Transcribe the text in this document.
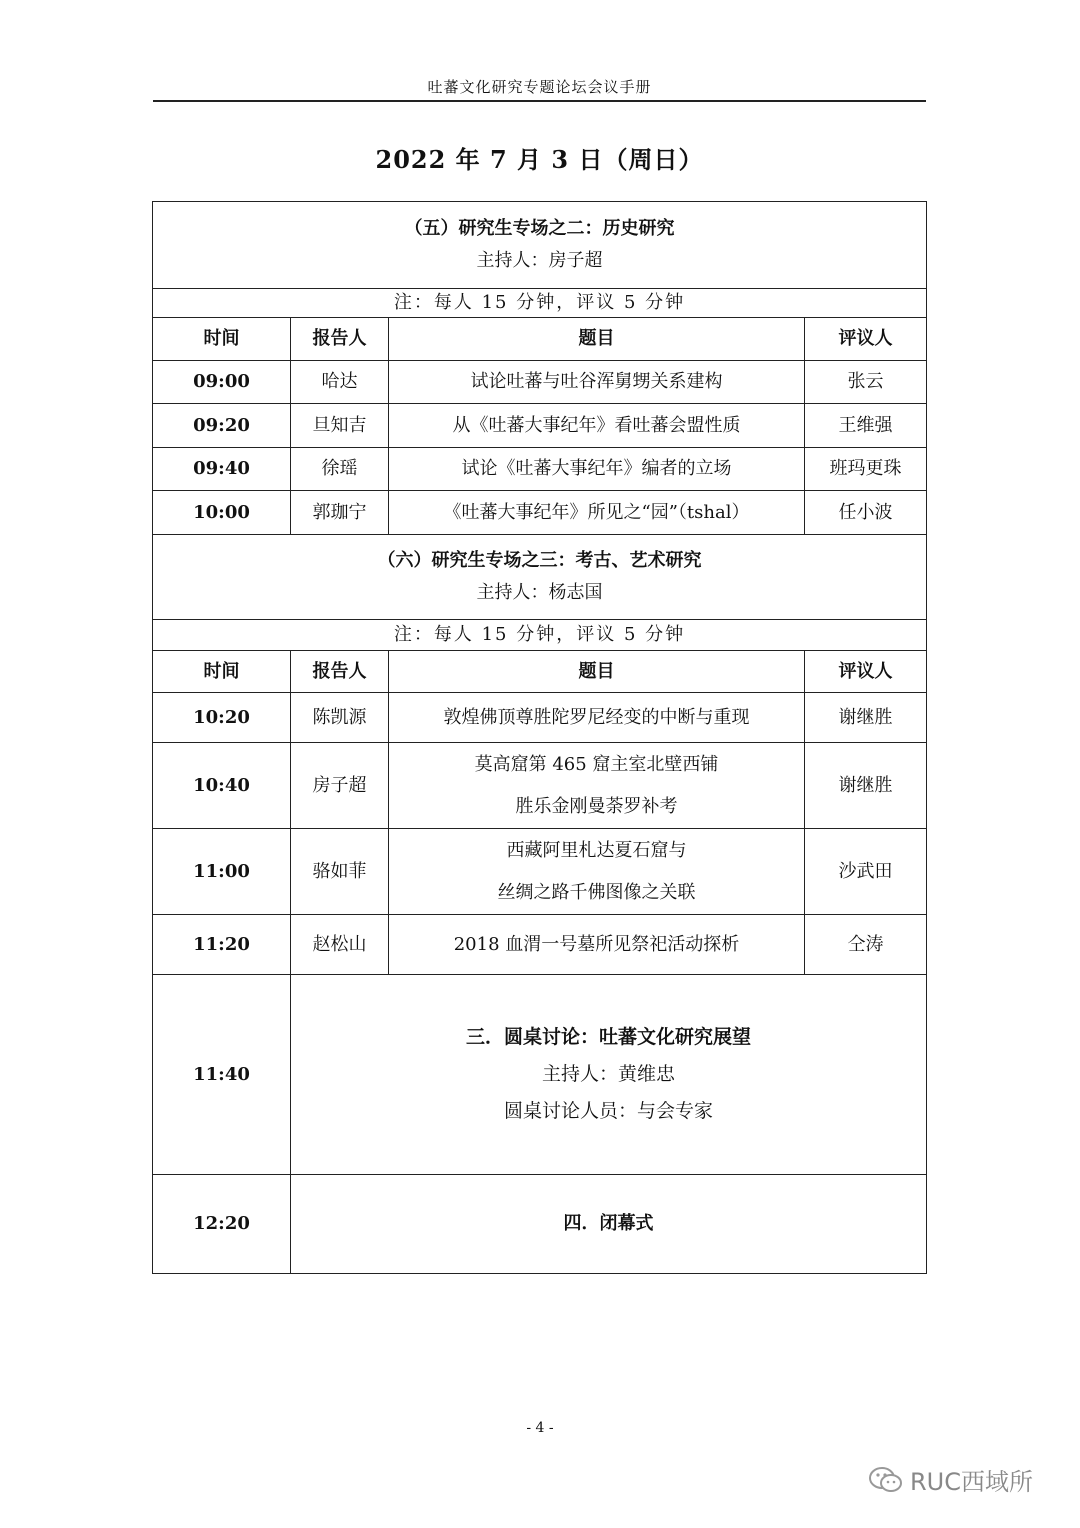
吐蕃文化研究专题论坛会议手册
2022 年 7 月 3 日（周日）
（五）研究生专场之二：历史研究
主持人：房子超			

注：每人 15 分钟，评议 5 分钟			
时间	报告人	题目	评议人
09:00	哈达	试论吐蕃与吐谷浑舅甥关系建构	张云
09:20	旦知吉	从《吐蕃大事纪年》看吐蕃会盟性质	王维强
09:40	徐瑶	试论《吐蕃大事纪年》编者的立场	班玛更珠
10:00	郭珈宁	《吐蕃大事纪年》所见之“园”（tshal）	任小波

（六）研究生专场之三：考古、艺术研究
主持人：杨志国			

注：每人 15 分钟，评议 5 分钟			
时间	报告人	题目	评议人
10:20	陈凯源	敦煌佛顶尊胜陀罗尼经变的中断与重现	谢继胜
10:40	房子超	莫高窟第 465 窟主室北壁西铺
胜乐金刚曼荼罗补考	谢继胜
11:00	骆如菲	西藏阿里札达夏石窟与
丝绸之路千佛图像之关联	沙武田
11:20	赵松山	2018 血渭一号墓所见祭祀活动探析	仝涛
11:40	三．圆桌讨论：吐蕃文化研究展望
主持人：黄维忠
圆桌讨论人员：与会专家		

12:20	四．闭幕式		
- 4 -
RUC西域所
